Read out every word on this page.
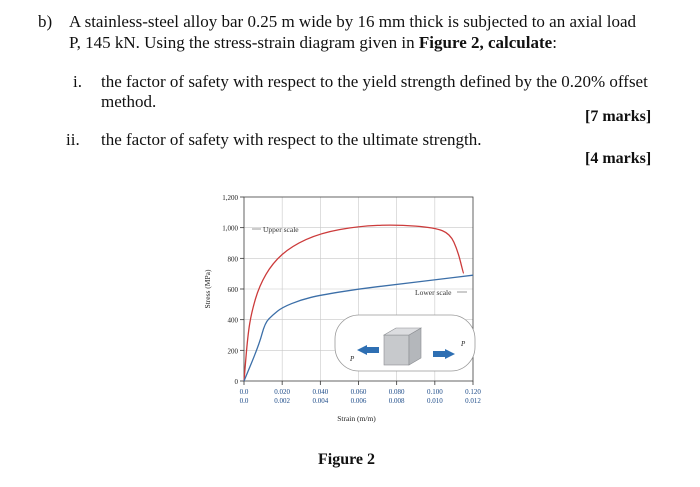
b) A stainless-steel alloy bar 0.25 m wide by 16 mm thick is subjected to an axial load
P, 145 kN. Using the stress-strain diagram given in Figure 2, calculate:
i. the factor of safety with respect to the yield strength defined by the 0.20% offset
method.
[7 marks]
ii. the factor of safety with respect to the ultimate strength.
[4 marks]
0
200
400
600
800
1,000
1,200
0.0
0.0
0.020
0.002
0.040
0.004
0.060
0.006
0.080
0.008
0.100
0.010
0.120
0.012
Stress (MPa)
Strain (m/m)
Upper scale
Lower scale
P
P
Figure 2
